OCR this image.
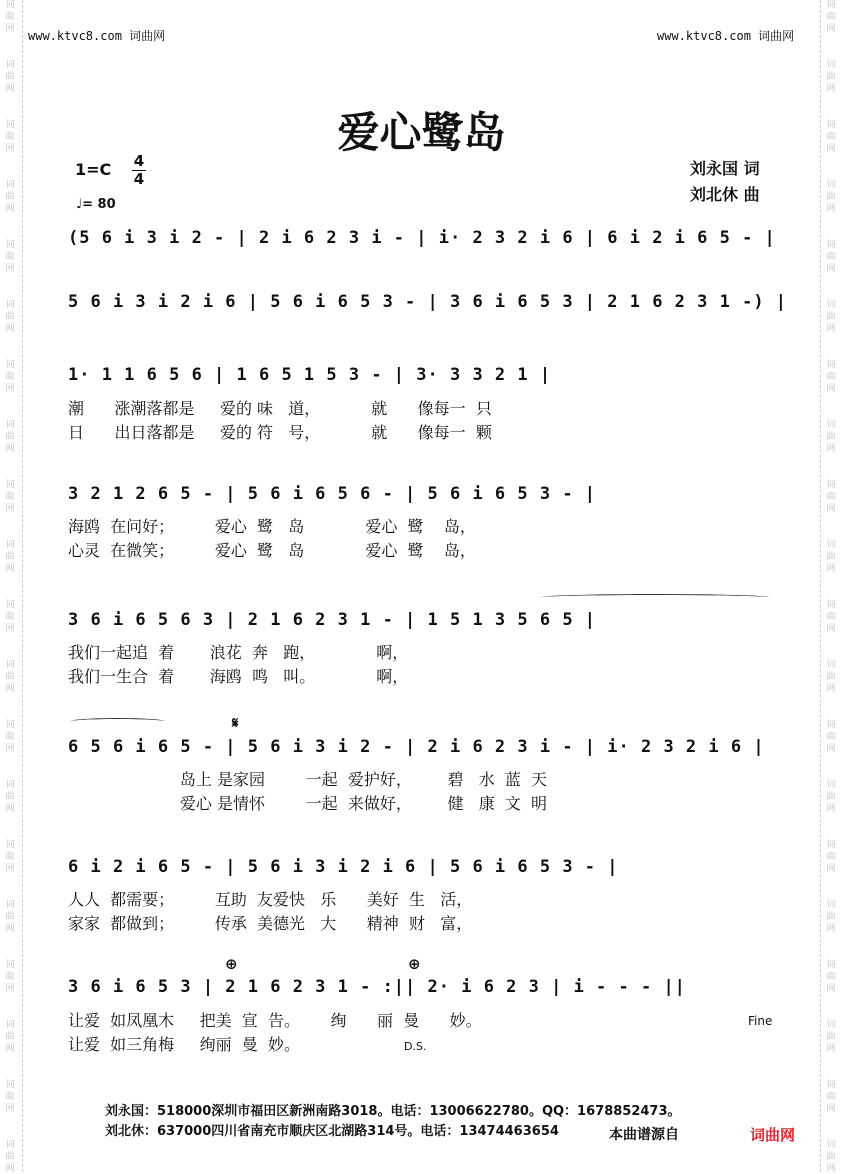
词
曲
网
词
曲
网
词
曲
网
词
曲
网
词
曲
网
词
曲
网
词
曲
网
词
曲
网
词
曲
网
词
曲
网
词
曲
网
词
曲
网
词
曲
网
词
曲
网
词
曲
网
词
曲
网
词
曲
网
词
曲
网
词
曲
网
词
曲
网
词
曲
网
词
曲
网
词
曲
网
词
曲
网
词
曲
网
词
曲
网
词
曲
网
词
曲
网
词
曲
网
词
曲
网
词
曲
网
词
曲
网
词
曲
网
词
曲
网
词
曲
网
词
曲
网
词
曲
网
词
曲
网
词
曲
网
词
曲
网
www.ktvc8.com 词曲网	www.ktvc8.com 词曲网
爱心鹭岛
1=C 4
4
♩= 80
刘永国 词
刘北休 曲
(5 6 i 3 i 2 - | 2 i 6 2 3 i - | i· 2 3 2 i 6 | 6 i 2 i 6 5 - |
5 6 i 3 i 2 i 6 | 5 6 i 6 5 3 - | 3 6 i 6 5 3 | 2 1 6 2 3 1 -) |
1· 1 1 6 5 6 | 1 6 5 1 5 3 - | 3· 3 3 2 1 |
潮      涨潮落都是     爱的 味   道，          就      像每一  只
日      出日落都是     爱的 符   号，          就      像每一  颗
3 2 1 2 6 5 - | 5 6 i 6 5 6 - | 5 6 i 6 5 3 - |
海鸥  在问好；        爱心  鹭   岛            爱心  鹭    岛，
心灵  在微笑；        爱心  鹭   岛            爱心  鹭    岛，
3 6 i 6 5 6 3 | 2 1 6 2 3 1 - | 1 5 1 3 5 6 5 |
我们一起追  着       浪花  奔   跑，            啊，
我们一生合  着       海鸥  鸣   叫。            啊，
𝄋
6 5 6 i 6 5 - | 5 6 i 3 i 2 - | 2 i 6 2 3 i - | i· 2 3 2 i 6 |
岛上 是家园        一起  爱护好，       碧   水  蓝  天
爱心 是情怀        一起  来做好，       健   康  文  明
6 i 2 i 6 5 - | 5 6 i 3 i 2 i 6 | 5 6 i 6 5 3 - |
人人  都需要；        互助  友爱快   乐      美好  生   活，
家家  都做到；        传承  美德光   大      精神  财   富，
⊕	⊕
3 6 i 6 5 3 | 2 1 6 2 3 1 - :|| 2· i 6 2 3 | i - - - ||
让爱  如凤凰木     把美  宣  告。      绚      丽  曼      妙。
让爱  如三角梅     绚丽  曼  妙。	D.S.
Fine
刘永国：518000深圳市福田区新洲南路3018。电话：13006622780。QQ：1678852473。
刘北休：637000四川省南充市顺庆区北湖路314号。电话：13474463654	本曲谱源自	词曲网
